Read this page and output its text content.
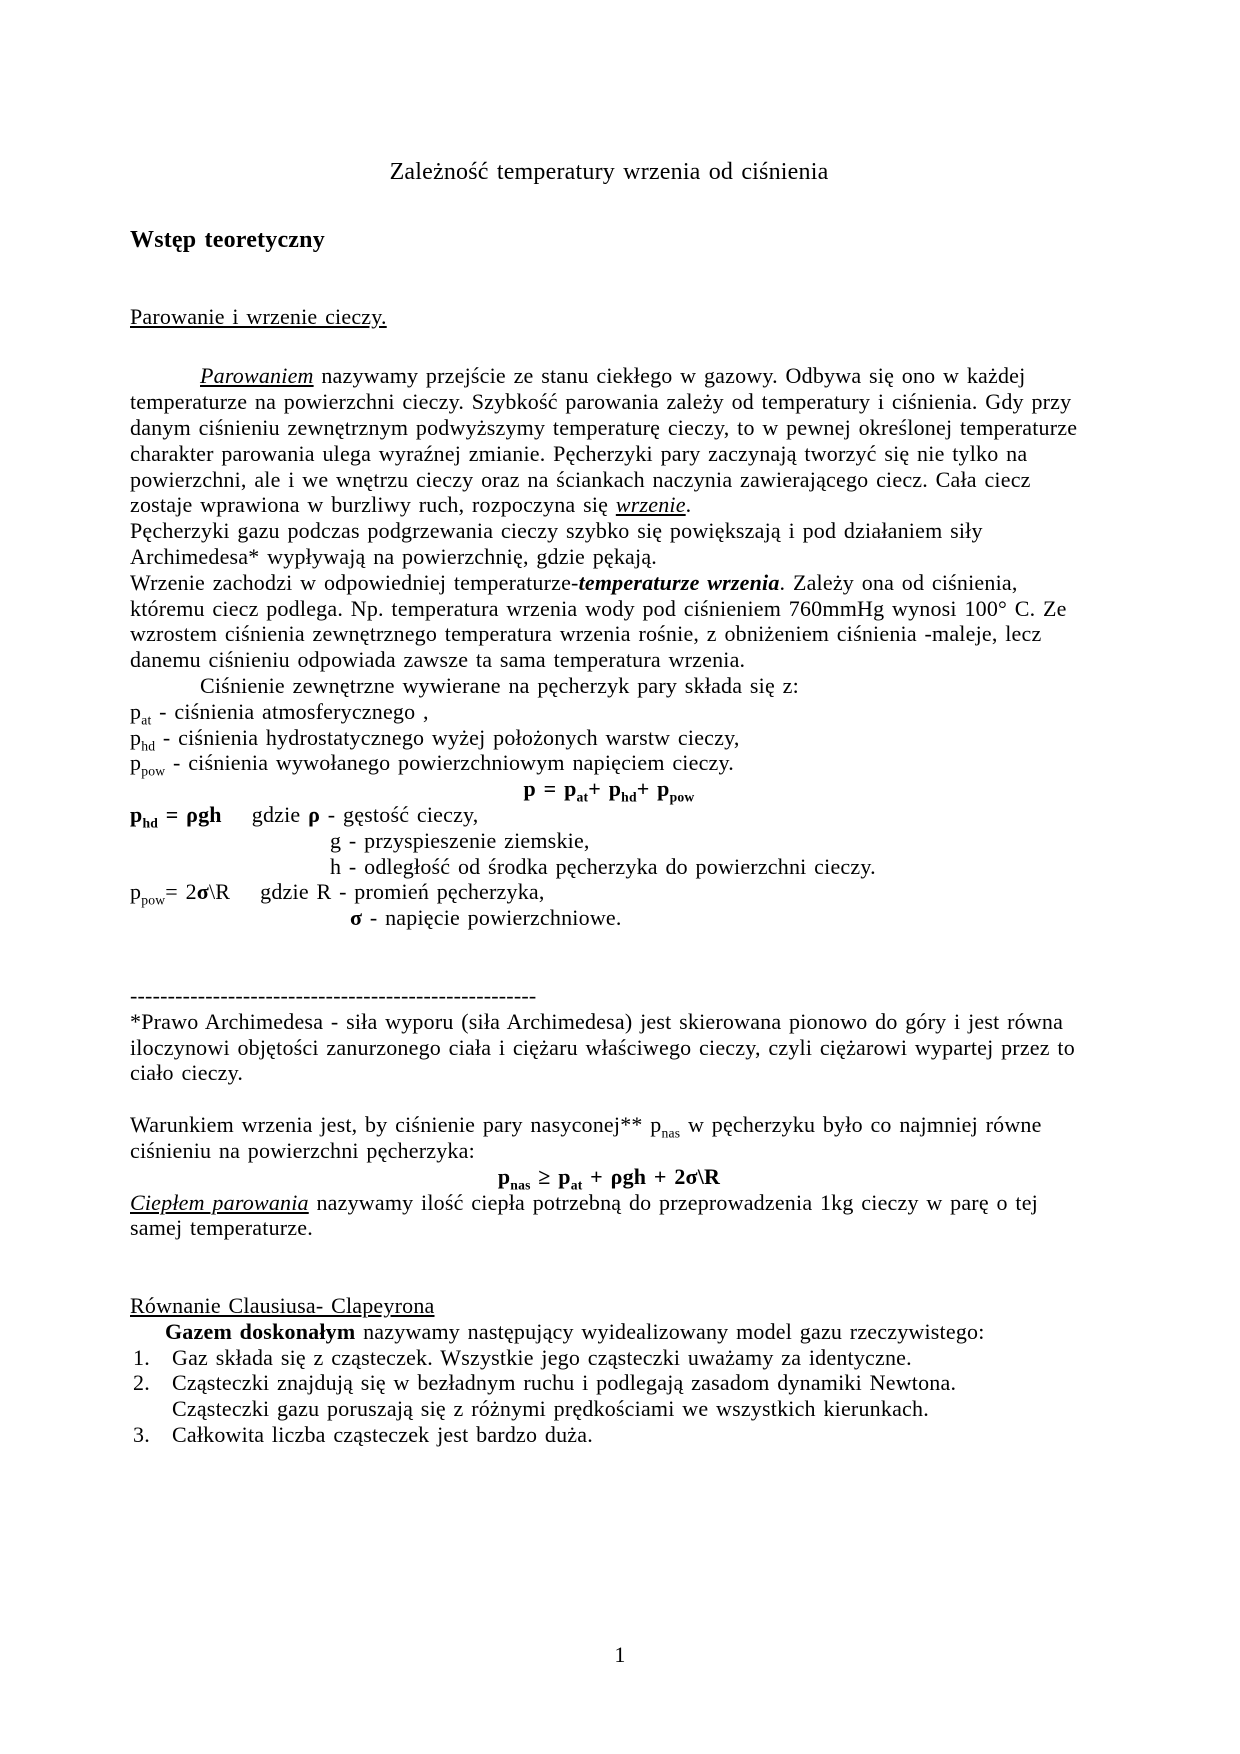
Zależność temperatury wrzenia od ciśnienia
Wstęp teoretyczny
Parowanie i wrzenie cieczy.

Parowaniem nazywamy przejście ze stanu ciekłego w gazowy. Odbywa się ono w każdej temperaturze na powierzchni cieczy. Szybkość parowania zależy od temperatury i ciśnienia. Gdy przy danym ciśnieniu zewnętrznym podwyższymy temperaturę cieczy, to w pewnej określonej temperaturze charakter parowania ulega wyraźnej zmianie. Pęcherzyki pary zaczynają tworzyć się nie tylko na powierzchni, ale i we wnętrzu cieczy oraz na ściankach naczynia zawierającego ciecz. Cała ciecz zostaje wprawiona w burzliwy ruch, rozpoczyna się wrzenie.

Pęcherzyki gazu podczas podgrzewania cieczy szybko się powiększają i pod działaniem siły Archimedesa* wypływają na powierzchnię, gdzie pękają.

Wrzenie zachodzi w odpowiedniej temperaturze-temperaturze wrzenia. Zależy ona od ciśnienia, któremu ciecz podlega. Np. temperatura wrzenia wody pod ciśnieniem 760mmHg wynosi 100° C. Ze wzrostem ciśnienia zewnętrznego temperatura wrzenia rośnie, z obniżeniem ciśnienia -maleje, lecz danemu ciśnieniu odpowiada zawsze ta sama temperatura wrzenia.

Ciśnienie zewnętrzne wywierane na pęcherzyk pary składa się z:

$p_{at}$ - ciśnienia atmosferycznego ,

$p_{hd}$ - ciśnienia hydrostatycznego wyżej położonych warstw cieczy,

$p_{pow}$ - ciśnienia wywołanego powierzchniowym napięciem cieczy.

$p = p_{at}+ p_{hd}+ p_{pow}$

$p_{hd} = \rho gh$ gdzie ρ - gęstość cieczy,

g - przyspieszenie ziemskie,

h - odległość od środka pęcherzyka do powierzchni cieczy.

$p_{pow}=$ 2σ\R gdzie R - promień pęcherzyka,

σ - napięcie powierzchniowe.

------------------------------------------------------

*Prawo Archimedesa - siła wyporu (siła Archimedesa) jest skierowana pionowo do góry i jest równa iloczynowi objętości zanurzonego ciała i ciężaru właściwego cieczy, czyli ciężarowi wypartej przez to ciało cieczy.

Warunkiem wrzenia jest, by ciśnienie pary nasyconej** $p_{nas}$ w pęcherzyku było co najmniej równe ciśnieniu na powierzchni pęcherzyka:

$p_{nas} \ge p_{at} + \rho gh$ + 2σ\R

Ciepłem parowania nazywamy ilość ciepła potrzebną do przeprowadzenia 1kg cieczy w parę o tej samej temperaturze.

Równanie Clausiusa- Clapeyrona

Gazem doskonałym nazywamy następujący wyidealizowany model gazu rzeczywistego:

1. Gaz składa się z cząsteczek. Wszystkie jego cząsteczki uważamy za identyczne.
2. Cząsteczki znajdują się w bezładnym ruchu i podlegają zasadom dynamiki Newtona.
Cząsteczki gazu poruszają się z różnymi prędkościami we wszystkich kierunkach.
3. Całkowita liczba cząsteczek jest bardzo duża.
1
